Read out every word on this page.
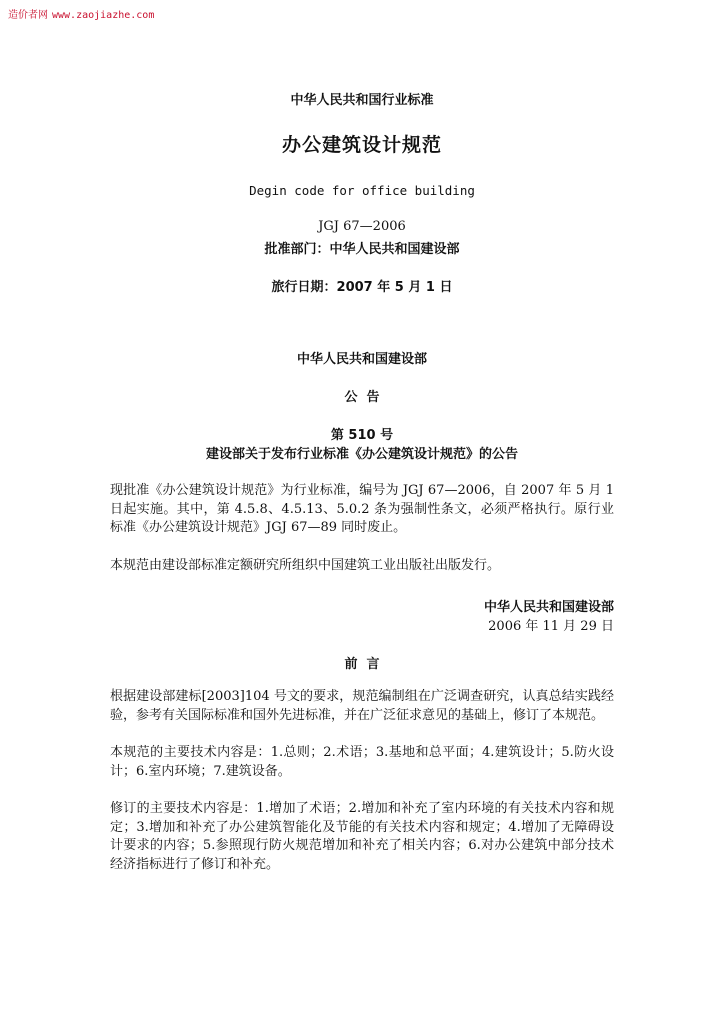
造价者网 www.zaojiazhe.com
中华人民共和国行业标准
办公建筑设计规范
Degin code for office building
JGJ 67—2006
批准部门：中华人民共和国建设部
旅行日期：2007 年 5 月 1 日
中华人民共和国建设部
公  告
第 510 号
建设部关于发布行业标准《办公建筑设计规范》的公告
现批准《办公建筑设计规范》为行业标准，编号为 JGJ 67—2006，自 2007 年 5 月 1 日起实施。其中，第 4.5.8、4.5.13、5.0.2 条为强制性条文，必须严格执行。原行业标准《办公建筑设计规范》JGJ 67—89 同时废止。
本规范由建设部标准定额研究所组织中国建筑工业出版社出版发行。
中华人民共和国建设部
2006 年 11 月 29 日
前  言
根据建设部建标[2003]104 号文的要求，规范编制组在广泛调查研究，认真总结实践经验，参考有关国际标准和国外先进标准，并在广泛征求意见的基础上，修订了本规范。
本规范的主要技术内容是：1.总则；2.术语；3.基地和总平面；4.建筑设计；5.防火设计；6.室内环境；7.建筑设备。
修订的主要技术内容是：1.增加了术语；2.增加和补充了室内环境的有关技术内容和规定；3.增加和补充了办公建筑智能化及节能的有关技术内容和规定；4.增加了无障碍设计要求的内容；5.参照现行防火规范增加和补充了相关内容；6.对办公建筑中部分技术经济指标进行了修订和补充。
